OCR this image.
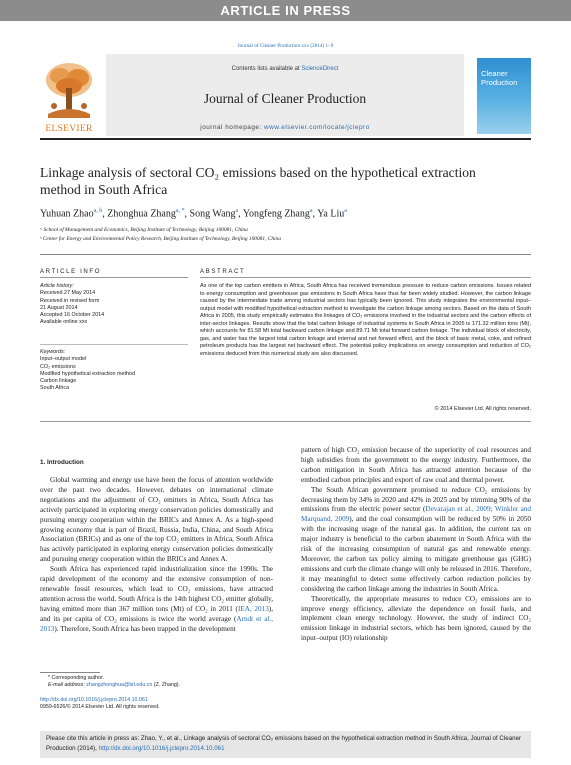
ARTICLE IN PRESS
Journal of Cleaner Production xxx (2014) 1–9
ELSEVIER
Contents lists available at ScienceDirect
Journal of Cleaner Production
journal homepage: www.elsevier.com/locate/jclepro
Cleaner Production
Linkage analysis of sectoral CO₂ emissions based on the hypothetical extraction method in South Africa
Yuhuan Zhao$^{a, b}$, Zhonghua Zhang$^{a, *}$, Song Wang$^a$, Yongfeng Zhang$^a$, Ya Liu$^a$
ᵃ School of Management and Economics, Beijing Institute of Technology, Beijing 100081, China
ᵇ Center for Energy and Environmental Policy Research, Beijing Institute of Technology, Beijing 100081, China
ARTICLE INFO	ABSTRACT
Article history:
Received 27 May 2014
Received in revised form
21 August 2014
Accepted 16 October 2014
Available online xxx
Keywords:
Input–output model
CO₂ emissions
Modified hypothetical extraction method
Carbon linkage
South Africa
As one of the top carbon emitters in Africa, South Africa has received tremendous pressure to reduce carbon emissions. Issues related to energy consumption and greenhouse gas emissions in South Africa have thus far been widely studied. However, the carbon linkage caused by the intermediate trade among industrial sectors has typically been ignored. This study integrates the environmental input–output model with modified hypothetical extraction method to investigate the carbon linkage among sectors. Based on the data of South Africa in 2005, this study empirically estimates the linkages of CO₂ emissions involved in the industrial sectors and the carbon effects of inter-sector linkages. Results show that the total carbon linkage of industrial systems in South Africa in 2005 is 171.32 million tons (Mt), which accounts for 81.58 Mt total backward carbon linkage and 89.71 Mt total forward carbon linkage. The individual block of electricity, gas, and water has the largest total carbon linkage and internal and net forward effect, and the block of basic metal, coke, and refined petroleum products has the largest net backward effect. The potential policy implications on energy consumption and reduction of CO₂ emissions deduced from this numerical study are also discussed.
© 2014 Elsevier Ltd. All rights reserved.
1. Introduction

Global warming and energy use have been the focus of attention worldwide over the past two decades. However, debates on international climate negotiations and the adjustment of CO₂ emitters in Africa, South Africa has actively participated in exploring energy conservation policies domestically and pursuing energy cooperation within the BRICs and Annex A. As a high-speed growing economy that is part of Brazil, Russia, India, China, and South Africa Association (BRICs) and as one of the top CO₂ emitters in Africa, South Africa has actively participated in exploring energy conservation policies domestically and pursuing energy cooperation within the BRICs and Annex A.

South Africa has experienced rapid industrialization since the 1990s. The rapid development of the economy and the extensive consumption of non-renewable fossil resources, which lead to CO₂ emissions, have attracted attention across the world. South Africa is the 14th highest CO₂ emitter globally, having emitted more than 367 million tons (Mt) of CO₂ in 2011 (IEA, 2013), and its per capita of CO₂ emissions is twice the world average (Arndt et al., 2013). Therefore, South Africa has been trapped in the development

pattern of high CO₂ emission because of the superiority of coal resources and high subsidies from the government to the energy industry. Furthermore, the carbon mitigation in South Africa has attracted attention because of the embodied carbon principles and export of raw coal and thermal power.

The South African government promised to reduce CO₂ emissions by decreasing them by 34% in 2020 and 42% in 2025 and by trimming 90% of the emissions from the electric power sector (Devarajan et al., 2009; Winkler and Marquand, 2009), and the coal consumption will be reduced by 50% in 2050 with the increasing usage of the natural gas. In addition, the current tax on major industry is beneficial to the carbon abatement in South Africa with the risk of the increasing consumption of natural gas and renewable energy. Moreover, the carbon tax policy aiming to mitigate greenhouse gas (GHG) emissions and curb the climate change will only be released in 2016. Therefore, it may meaningful to detect some effectively carbon reduction policies by considering the carbon linkage among the industries in South Africa.

Theoretically, the appropriate measures to reduce CO₂ emissions are to improve energy efficiency, alleviate the dependence on fossil fuels, and implement clean energy technology. However, the study of indirect CO₂ emission linkage in industrial sectors, which has been ignored, caused by the input–output (IO) relationship

* Corresponding author.
E-mail address: zhangzhonghua@bit.edu.cn (Z. Zhang).
http://dx.doi.org/10.1016/j.jclepro.2014.10.061
0959-6526/© 2014 Elsevier Ltd. All rights reserved.
Please cite this article in press as: Zhao, Y., et al., Linkage analysis of sectoral CO₂ emissions based on the hypothetical extraction method in South Africa, Journal of Cleaner Production (2014), http://dx.doi.org/10.1016/j.jclepro.2014.10.061
